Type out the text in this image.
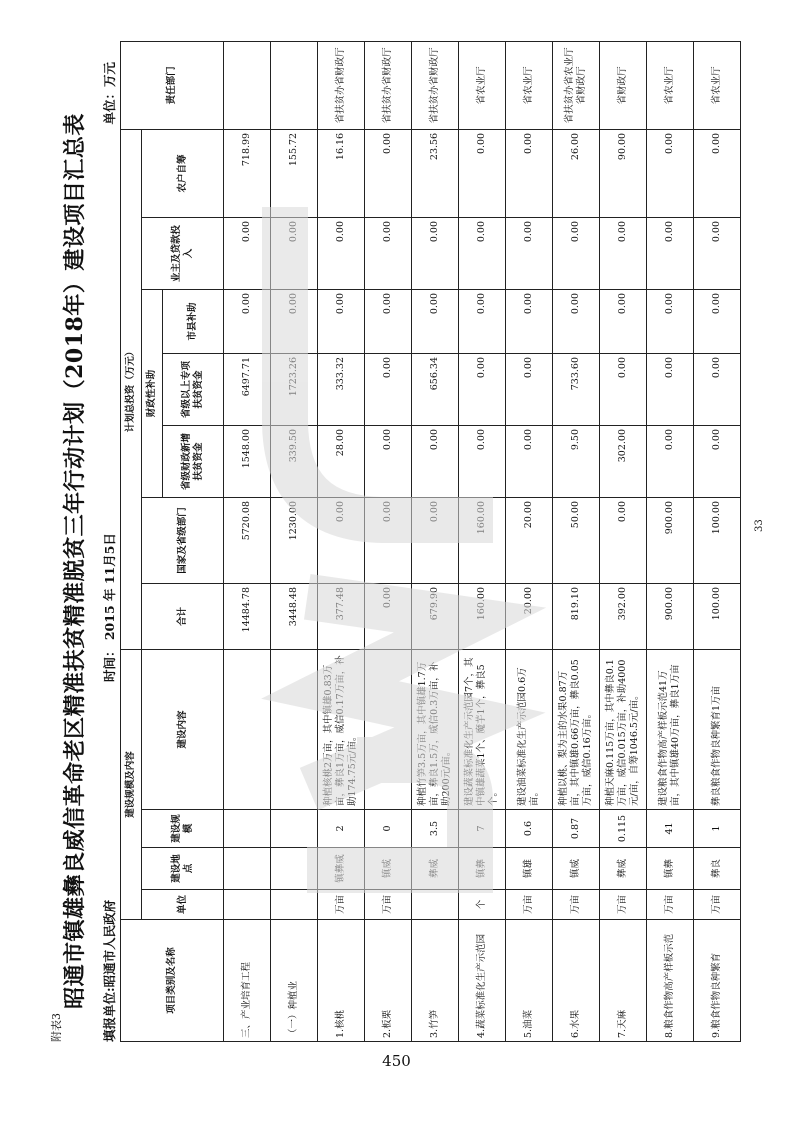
附表3
昭通市镇雄彝良威信革命老区精准扶贫精准脱贫三年行动计划（2018年）建设项目汇总表 填报单位:昭通市人民政府
时间： 2015 年 11月5日
单位：万元
项目类别及名称	建设规模及内容				计划总投资（万元）							责任部门
	单位	建设地点	建设规模	建设内容	合计	国家及省级部门	财政性补助			业主及贷款投入	农户自筹	
							省级财政新增扶贫资金	省级以上专项扶贫资金	市县补助			
三、产业培育工程					14484.78	5720.08	1548.00	6497.71	0.00	0.00	718.99	
（一）种植业					3448.48	1230.00	339.50	1723.26	0.00	0.00	155.72	
1.核桃	万亩	镇彝威	2	种植核桃2万亩，其中镇雄0.83万亩，彝良1万亩，威信0.17万亩，补助174.75元/亩。	377.48	0.00	28.00	333.32	0.00	0.00	16.16	省扶贫办省财政厅
2.板栗	万亩	镇威	0		0.00	0.00	0.00	0.00	0.00	0.00	0.00	省扶贫办省财政厅
3.竹笋		彝威	3.5	种植竹笋3.5万亩，其中镇雄1.7万亩，彝良1.5万，威信0.3万亩，补助200元/亩。	679.90	0.00	0.00	656.34	0.00	0.00	23.56	省扶贫办省财政厅
4.蔬菜标准化生产示范园	个	镇彝	7	建设蔬菜标准化生产示范园7个，其中镇雄蔬菜1个、魔芋1个，彝良5个。	160.00	160.00	0.00	0.00	0.00	0.00	0.00	省农业厅
5.油菜	万亩	镇雄	0.6	建设油菜标准化生产示范园0.6万亩。	20.00	20.00	0.00	0.00	0.00	0.00	0.00	省农业厅
6.水果	万亩	镇威	0.87	种植以桃、梨为主的水果0.87万亩，其中镇雄0.66万亩，彝良0.05万亩，威信0.16万亩。	819.10	50.00	9.50	733.60	0.00	0.00	26.00	省扶贫办省农业厅省财政厅
7.天麻	万亩	彝威	0.115	种植天麻0.115万亩，其中彝良0.1万亩，威信0.015万亩，补助4000元/亩，自筹1046.5元/亩。	392.00	0.00	302.00	0.00	0.00	0.00	90.00	省财政厅
8.粮食作物高产样板示范	万亩	镇彝	41	建设粮食作物高产样板示范41万亩，其中镇雄40万亩，彝良1万亩	900.00	900.00	0.00	0.00	0.00	0.00	0.00	省农业厅
9.粮食作物良种繁育	万亩	彝良	1	彝良粮食作物良种繁育1万亩	100.00	100.00	0.00	0.00	0.00	0.00	0.00	省农业厅
33
450
